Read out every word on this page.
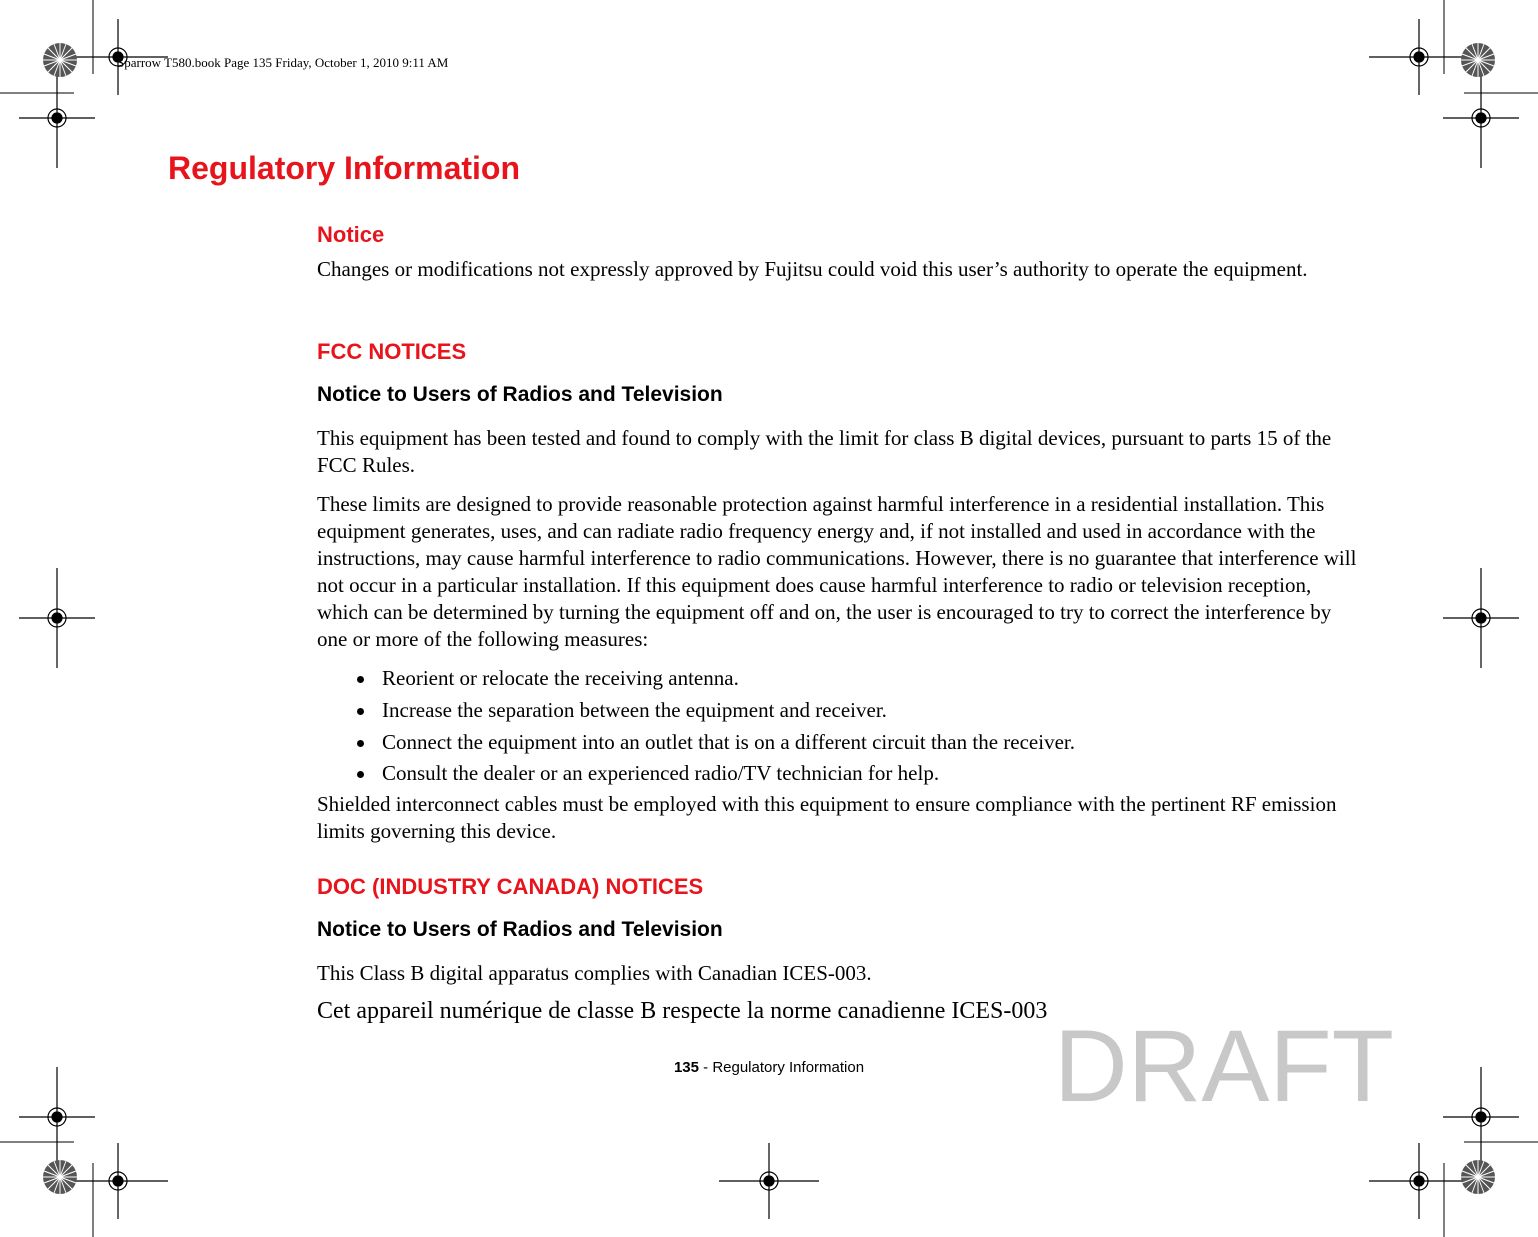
Sparrow T580.book Page 135 Friday, October 1, 2010 9:11 AM
Regulatory Information
Notice

Changes or modifications not expressly approved by Fujitsu could void this user’s authority to operate the equipment.

FCC NOTICES
Notice to Users of Radios and Television

This equipment has been tested and found to comply with the limit for class B digital devices, pursuant to parts 15 of the FCC Rules.

These limits are designed to provide reasonable protection against harmful interference in a residential installation. This equipment generates, uses, and can radiate radio frequency energy and, if not installed and used in accordance with the instructions, may cause harmful interference to radio communications. However, there is no guarantee that interference will not occur in a particular installation. If this equipment does cause harmful interference to radio or television reception, which can be determined by turning the equipment off and on, the user is encouraged to try to correct the interference by one or more of the following measures:

Reorient or relocate the receiving antenna.
Increase the separation between the equipment and receiver.
Connect the equipment into an outlet that is on a different circuit than the receiver.
Consult the dealer or an experienced radio/TV technician for help.

Shielded interconnect cables must be employed with this equipment to ensure compliance with the pertinent RF emission limits governing this device.

DOC (INDUSTRY CANADA) NOTICES
Notice to Users of Radios and Television

This Class B digital apparatus complies with Canadian ICES-003.

Cet appareil numérique de classe B respecte la norme canadienne ICES-003

135 - Regulatory Information	DRAFT
